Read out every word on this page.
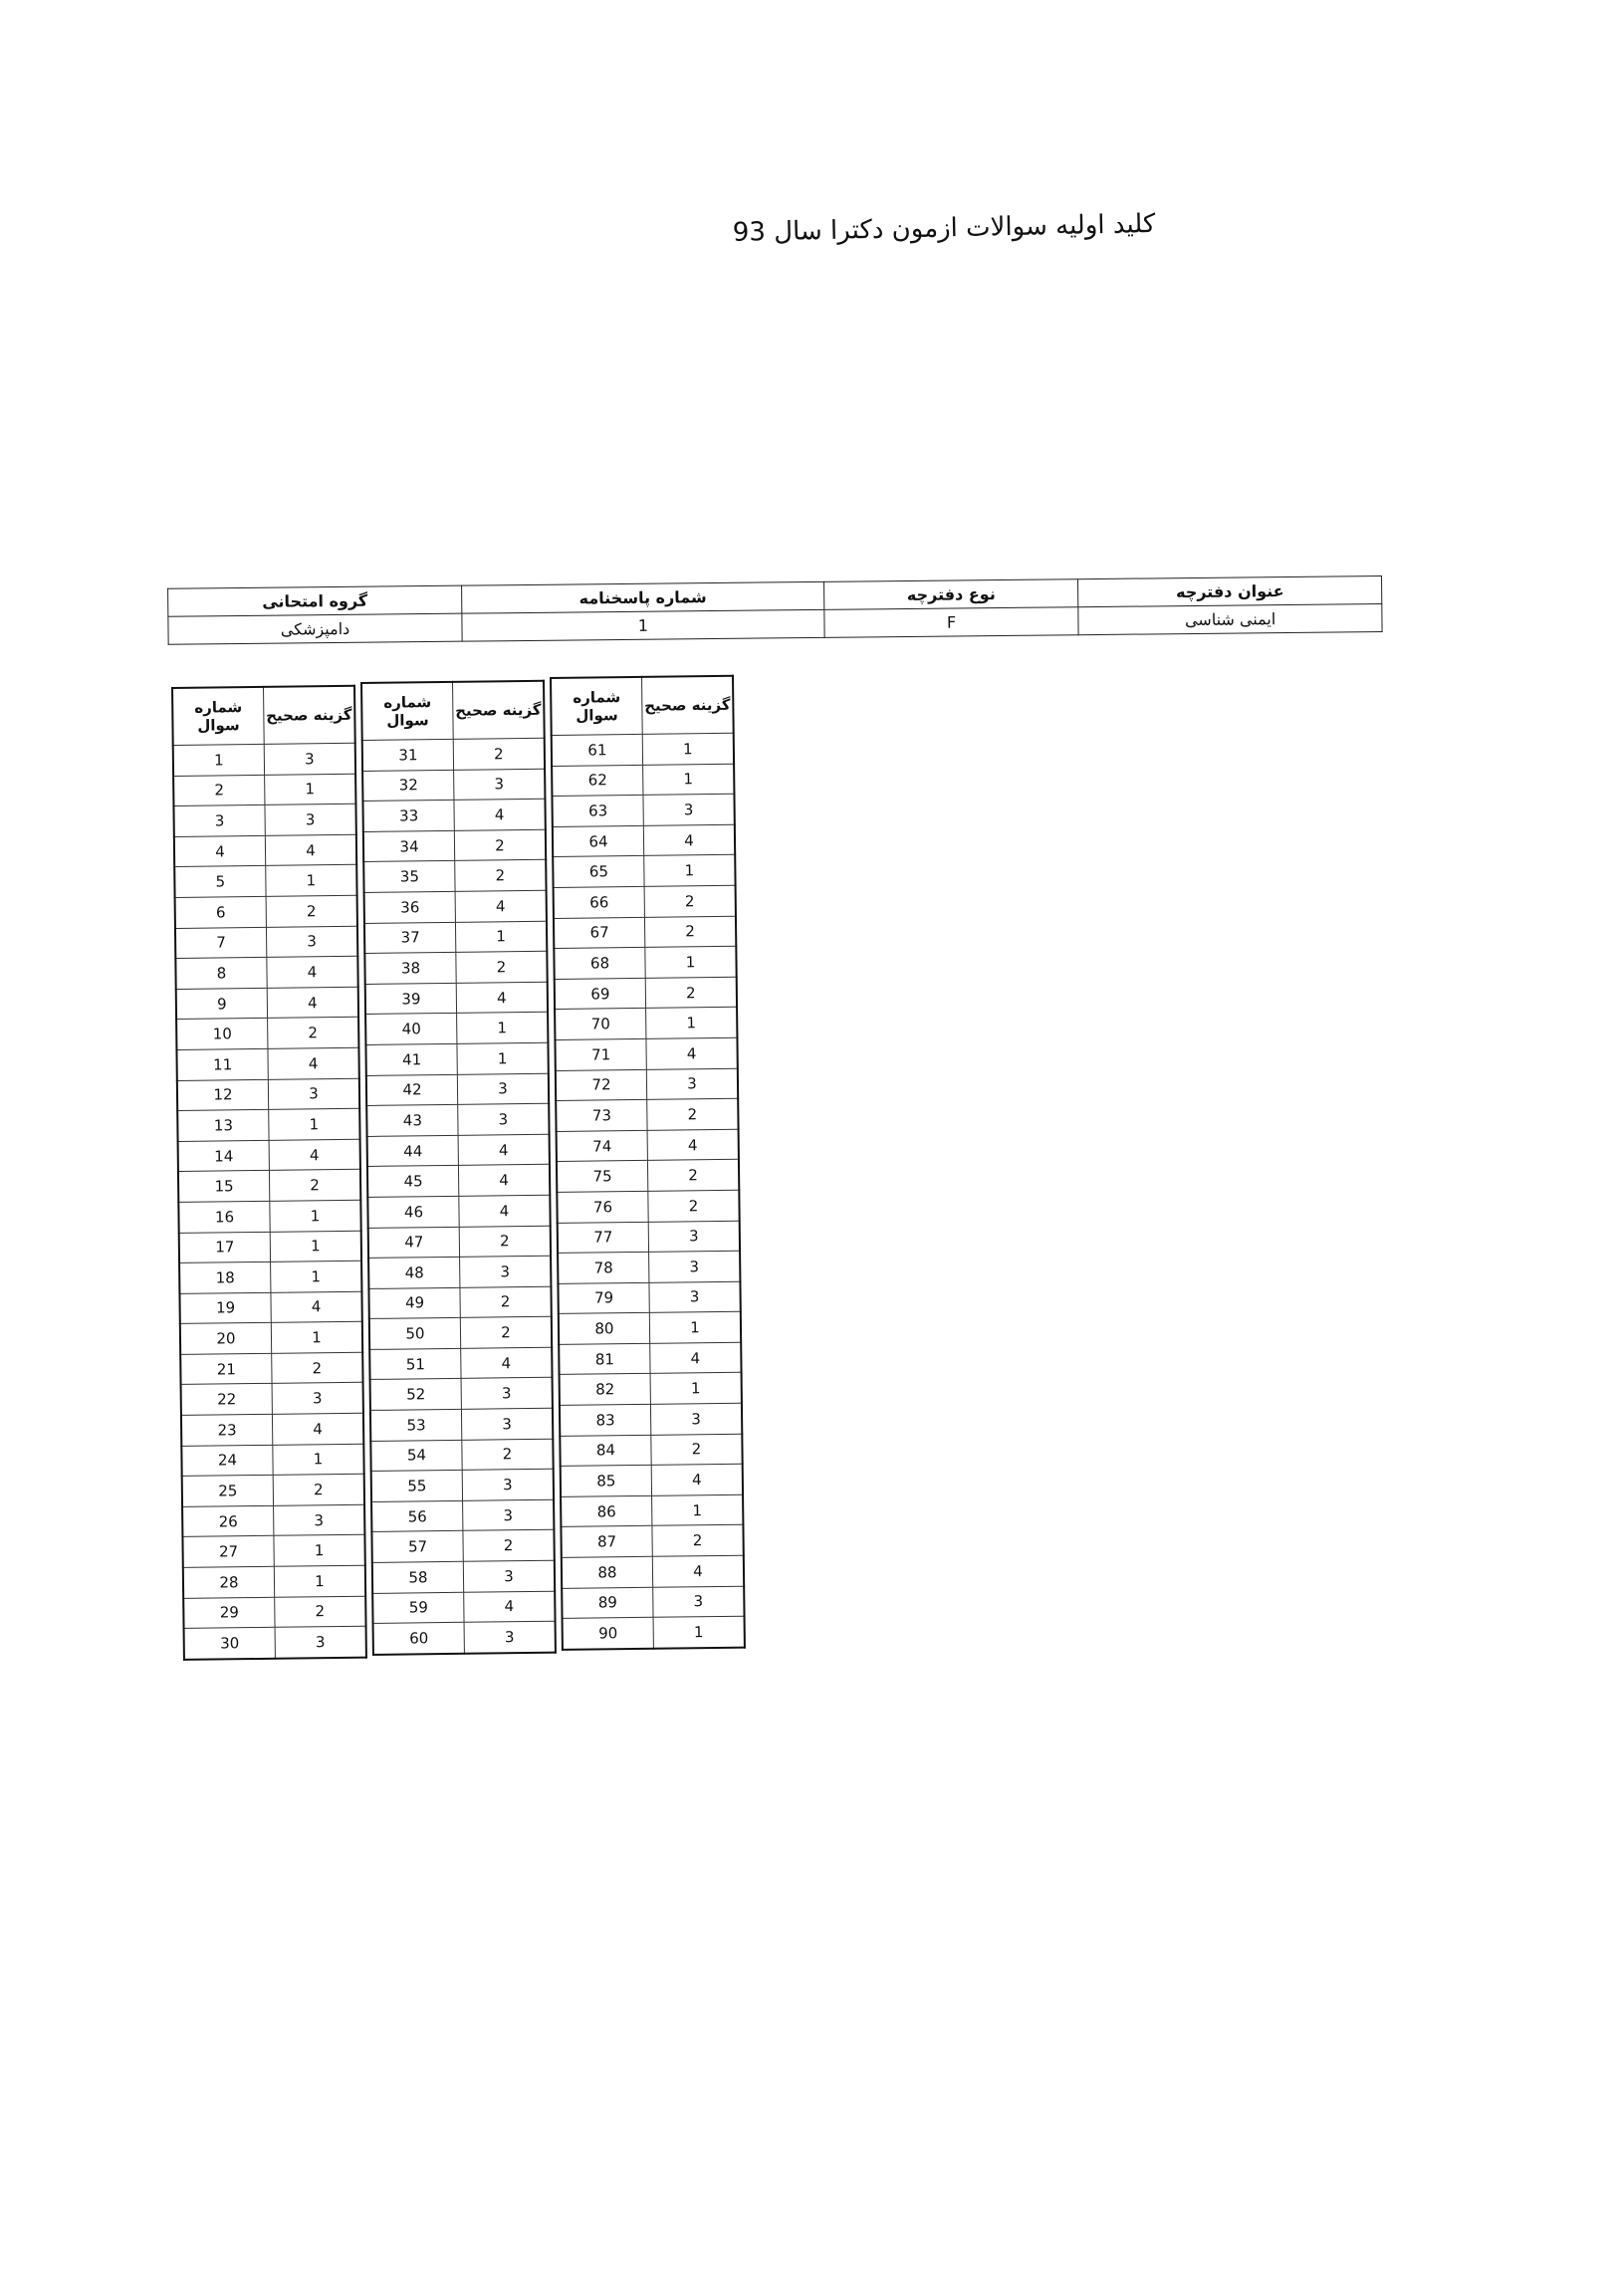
کلید اولیه سوالات ازمون دکترا سال 93
عنوان دفترچه	نوع دفترچه	شماره پاسخنامه	گروه امتحانی
ایمنی شناسی	F	1	دامپزشکی
گزینه صحیح	شماره سوال
3	1
1	2
3	3
4	4
1	5
2	6
3	7
4	8
4	9
2	10
4	11
3	12
1	13
4	14
2	15
1	16
1	17
1	18
4	19
1	20
2	21
3	22
4	23
1	24
2	25
3	26
1	27
1	28
2	29
3	30
گزینه صحیح	شماره سوال
2	31
3	32
4	33
2	34
2	35
4	36
1	37
2	38
4	39
1	40
1	41
3	42
3	43
4	44
4	45
4	46
2	47
3	48
2	49
2	50
4	51
3	52
3	53
2	54
3	55
3	56
2	57
3	58
4	59
3	60
گزینه صحیح	شماره سوال
1	61
1	62
3	63
4	64
1	65
2	66
2	67
1	68
2	69
1	70
4	71
3	72
2	73
4	74
2	75
2	76
3	77
3	78
3	79
1	80
4	81
1	82
3	83
2	84
4	85
1	86
2	87
4	88
3	89
1	90
